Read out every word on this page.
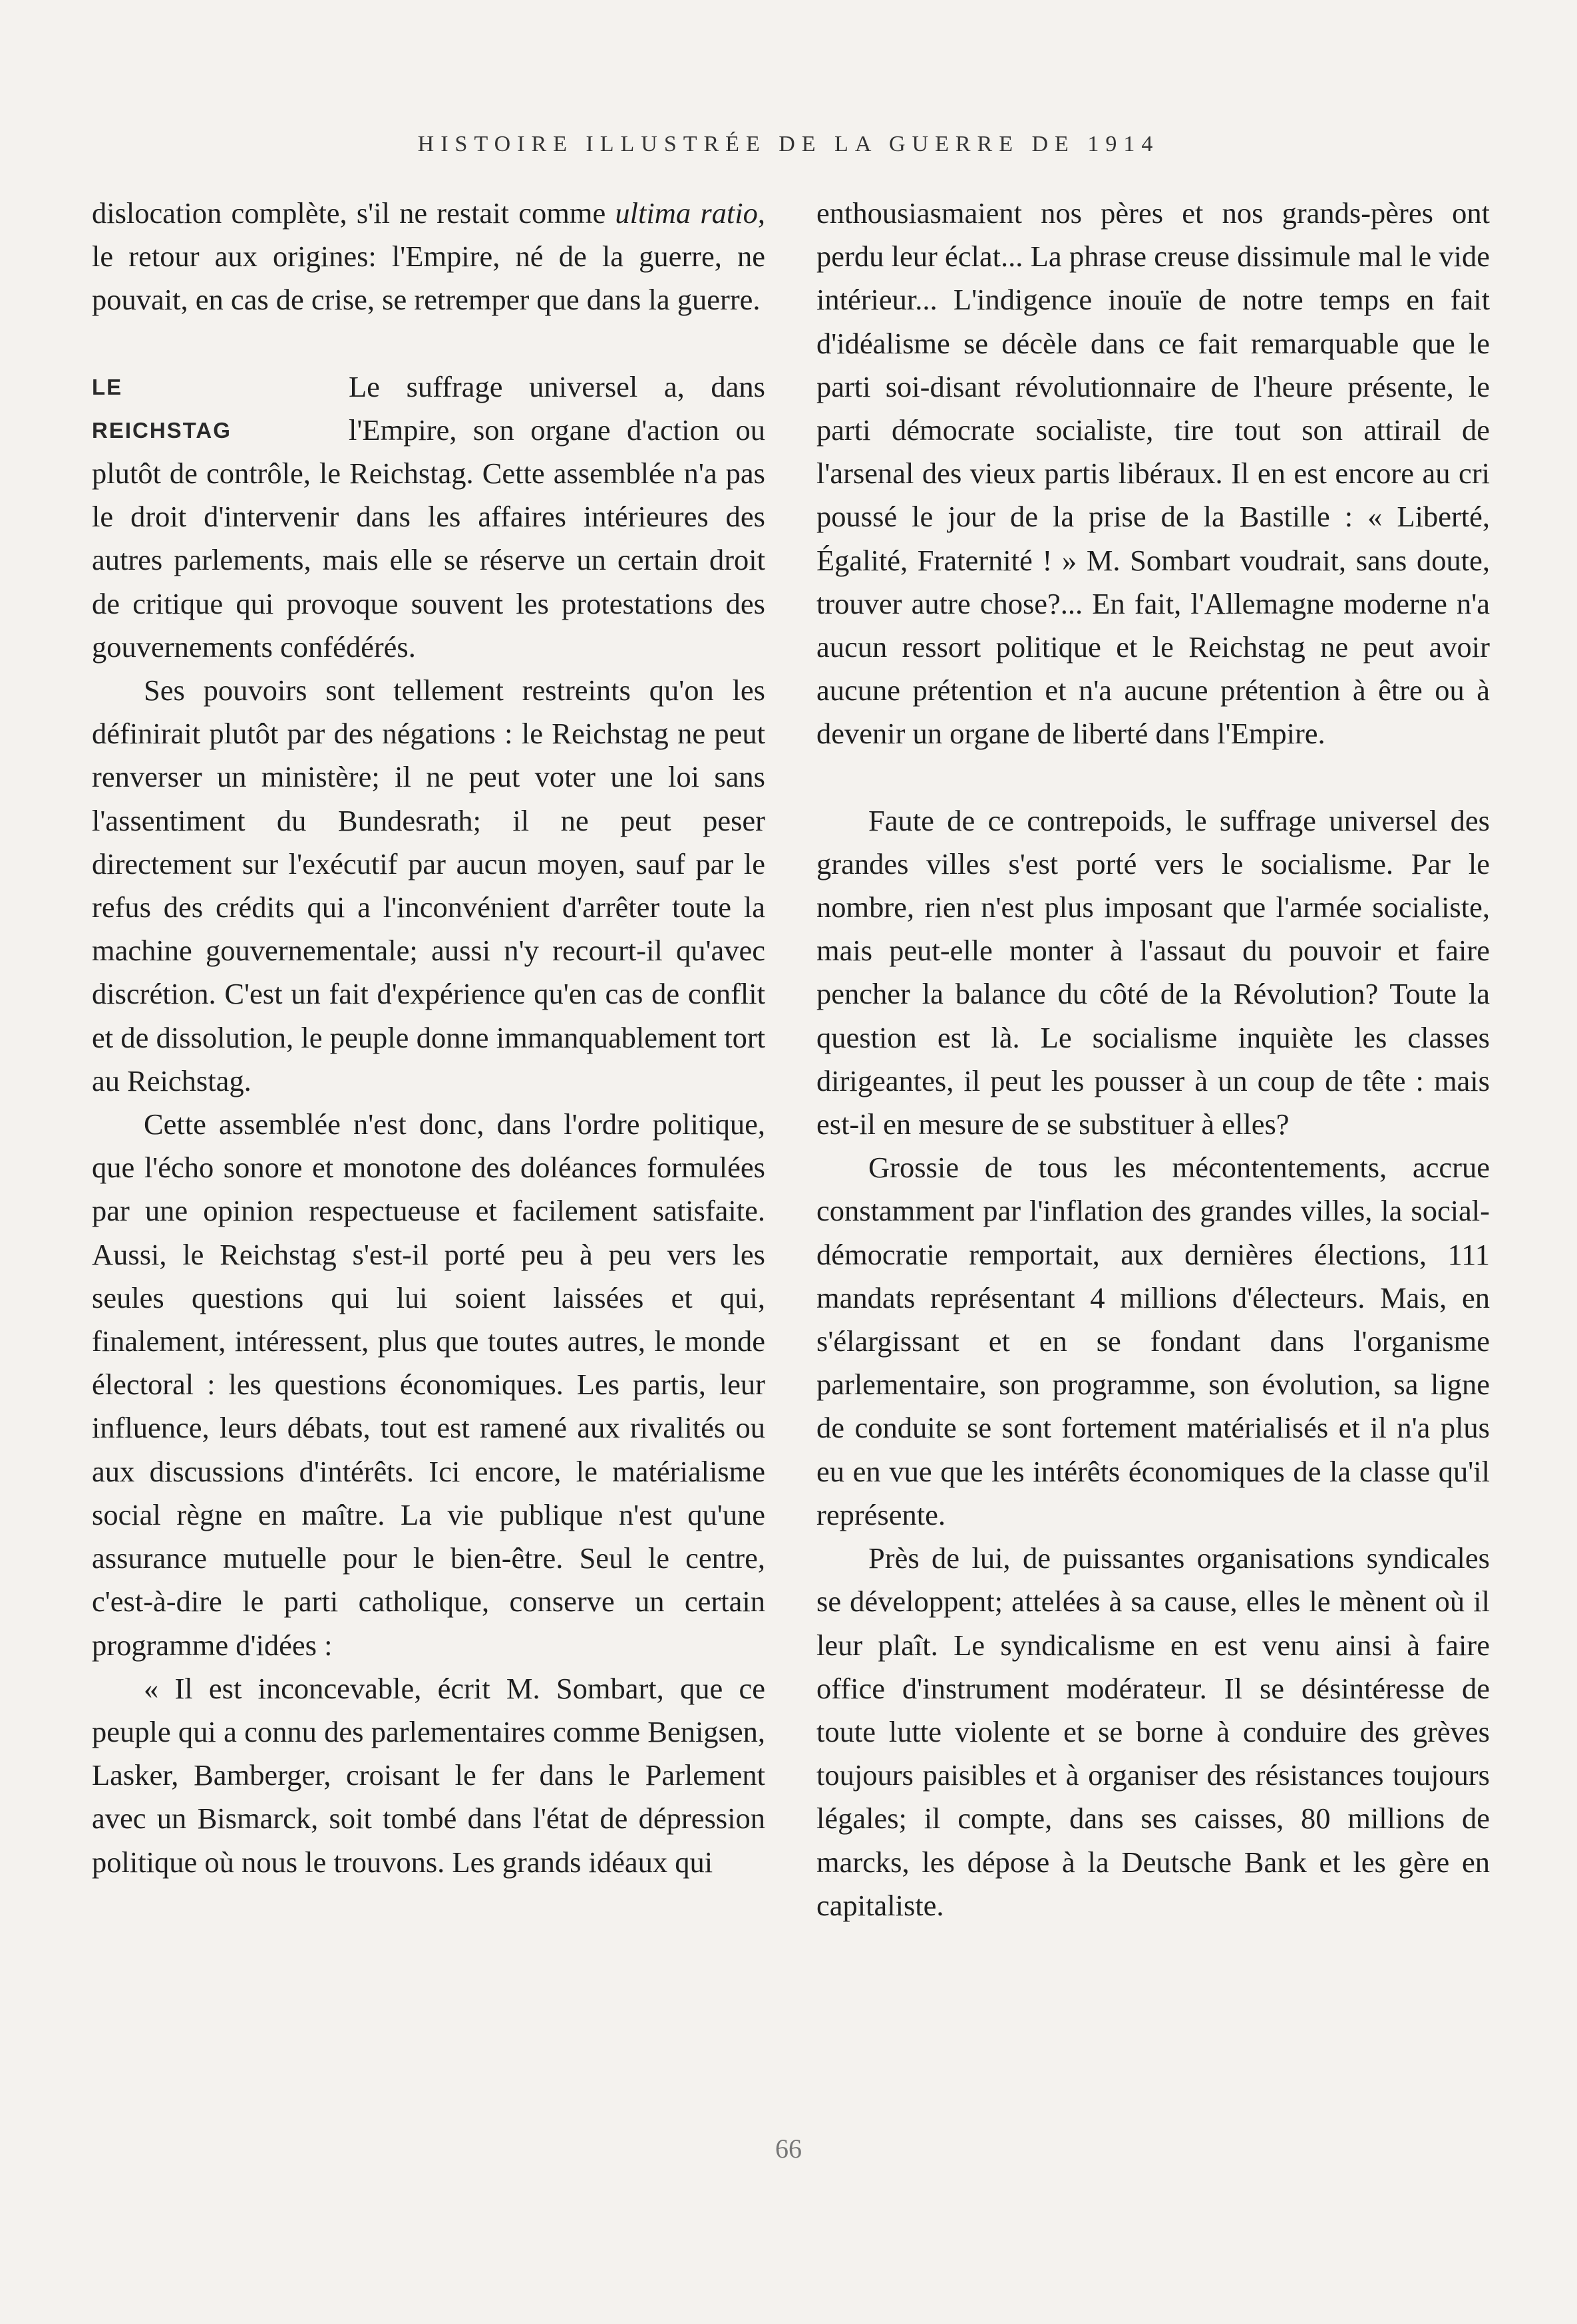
HISTOIRE ILLUSTRÉE DE LA GUERRE DE 1914

dislocation complète, s'il ne restait comme ultima ratio, le retour aux origines: l'Empire, né de la guerre, ne pouvait, en cas de crise, se retremper que dans la guerre.

LE
REICHSTAG

Le suffrage universel a, dans l'Empire, son organe d'action ou plutôt de contrôle, le Reichstag. Cette assemblée n'a pas le droit d'intervenir dans les affaires intérieures des autres parlements, mais elle se réserve un certain droit de critique qui provoque souvent les protestations des gouvernements confédérés.

Ses pouvoirs sont tellement restreints qu'on les définirait plutôt par des négations : le Reichstag ne peut renverser un ministère; il ne peut voter une loi sans l'assentiment du Bundesrath; il ne peut peser directement sur l'exécutif par aucun moyen, sauf par le refus des crédits qui a l'inconvénient d'arrêter toute la machine gouvernementale; aussi n'y recourt-il qu'avec discrétion. C'est un fait d'expérience qu'en cas de conflit et de dissolution, le peuple donne immanquablement tort au Reichstag.

Cette assemblée n'est donc, dans l'ordre politique, que l'écho sonore et monotone des doléances formulées par une opinion respectueuse et facilement satisfaite. Aussi, le Reichstag s'est-il porté peu à peu vers les seules questions qui lui soient laissées et qui, finalement, intéressent, plus que toutes autres, le monde électoral : les questions économiques. Les partis, leur influence, leurs débats, tout est ramené aux rivalités ou aux discussions d'intérêts. Ici encore, le matérialisme social règne en maître. La vie publique n'est qu'une assurance mutuelle pour le bien-être. Seul le centre, c'est-à-dire le parti catholique, conserve un certain programme d'idées :

« Il est inconcevable, écrit M. Sombart, que ce peuple qui a connu des parlementaires comme Benigsen, Lasker, Bamberger, croisant le fer dans le Parlement avec un Bismarck, soit tombé dans l'état de dépression politique où nous le trouvons. Les grands idéaux qui

enthousiasmaient nos pères et nos grands-pères ont perdu leur éclat... La phrase creuse dissimule mal le vide intérieur... L'indigence inouïe de notre temps en fait d'idéalisme se décèle dans ce fait remarquable que le parti soi-disant révolutionnaire de l'heure présente, le parti démocrate socialiste, tire tout son attirail de l'arsenal des vieux partis libéraux. Il en est encore au cri poussé le jour de la prise de la Bastille : « Liberté, Égalité, Fraternité ! » M. Sombart voudrait, sans doute, trouver autre chose?... En fait, l'Allemagne moderne n'a aucun ressort politique et le Reichstag ne peut avoir aucune prétention et n'a aucune prétention à être ou à devenir un organe de liberté dans l'Empire.

Faute de ce contrepoids, le suffrage universel des grandes villes s'est porté vers le socialisme. Par le nombre, rien n'est plus imposant que l'armée socialiste, mais peut-elle monter à l'assaut du pouvoir et faire pencher la balance du côté de la Révolution? Toute la question est là. Le socialisme inquiète les classes dirigeantes, il peut les pousser à un coup de tête : mais est-il en mesure de se substituer à elles?

Grossie de tous les mécontentements, accrue constamment par l'inflation des grandes villes, la social-démocratie remportait, aux dernières élections, 111 mandats représentant 4 millions d'électeurs. Mais, en s'élargissant et en se fondant dans l'organisme parlementaire, son programme, son évolution, sa ligne de conduite se sont fortement matérialisés et il n'a plus eu en vue que les intérêts économiques de la classe qu'il représente.

Près de lui, de puissantes organisations syndicales se développent; attelées à sa cause, elles le mènent où il leur plaît. Le syndicalisme en est venu ainsi à faire office d'instrument modérateur. Il se désintéresse de toute lutte violente et se borne à conduire des grèves toujours paisibles et à organiser des résistances toujours légales; il compte, dans ses caisses, 80 millions de marcks, les dépose à la Deutsche Bank et les gère en capitaliste.

66
